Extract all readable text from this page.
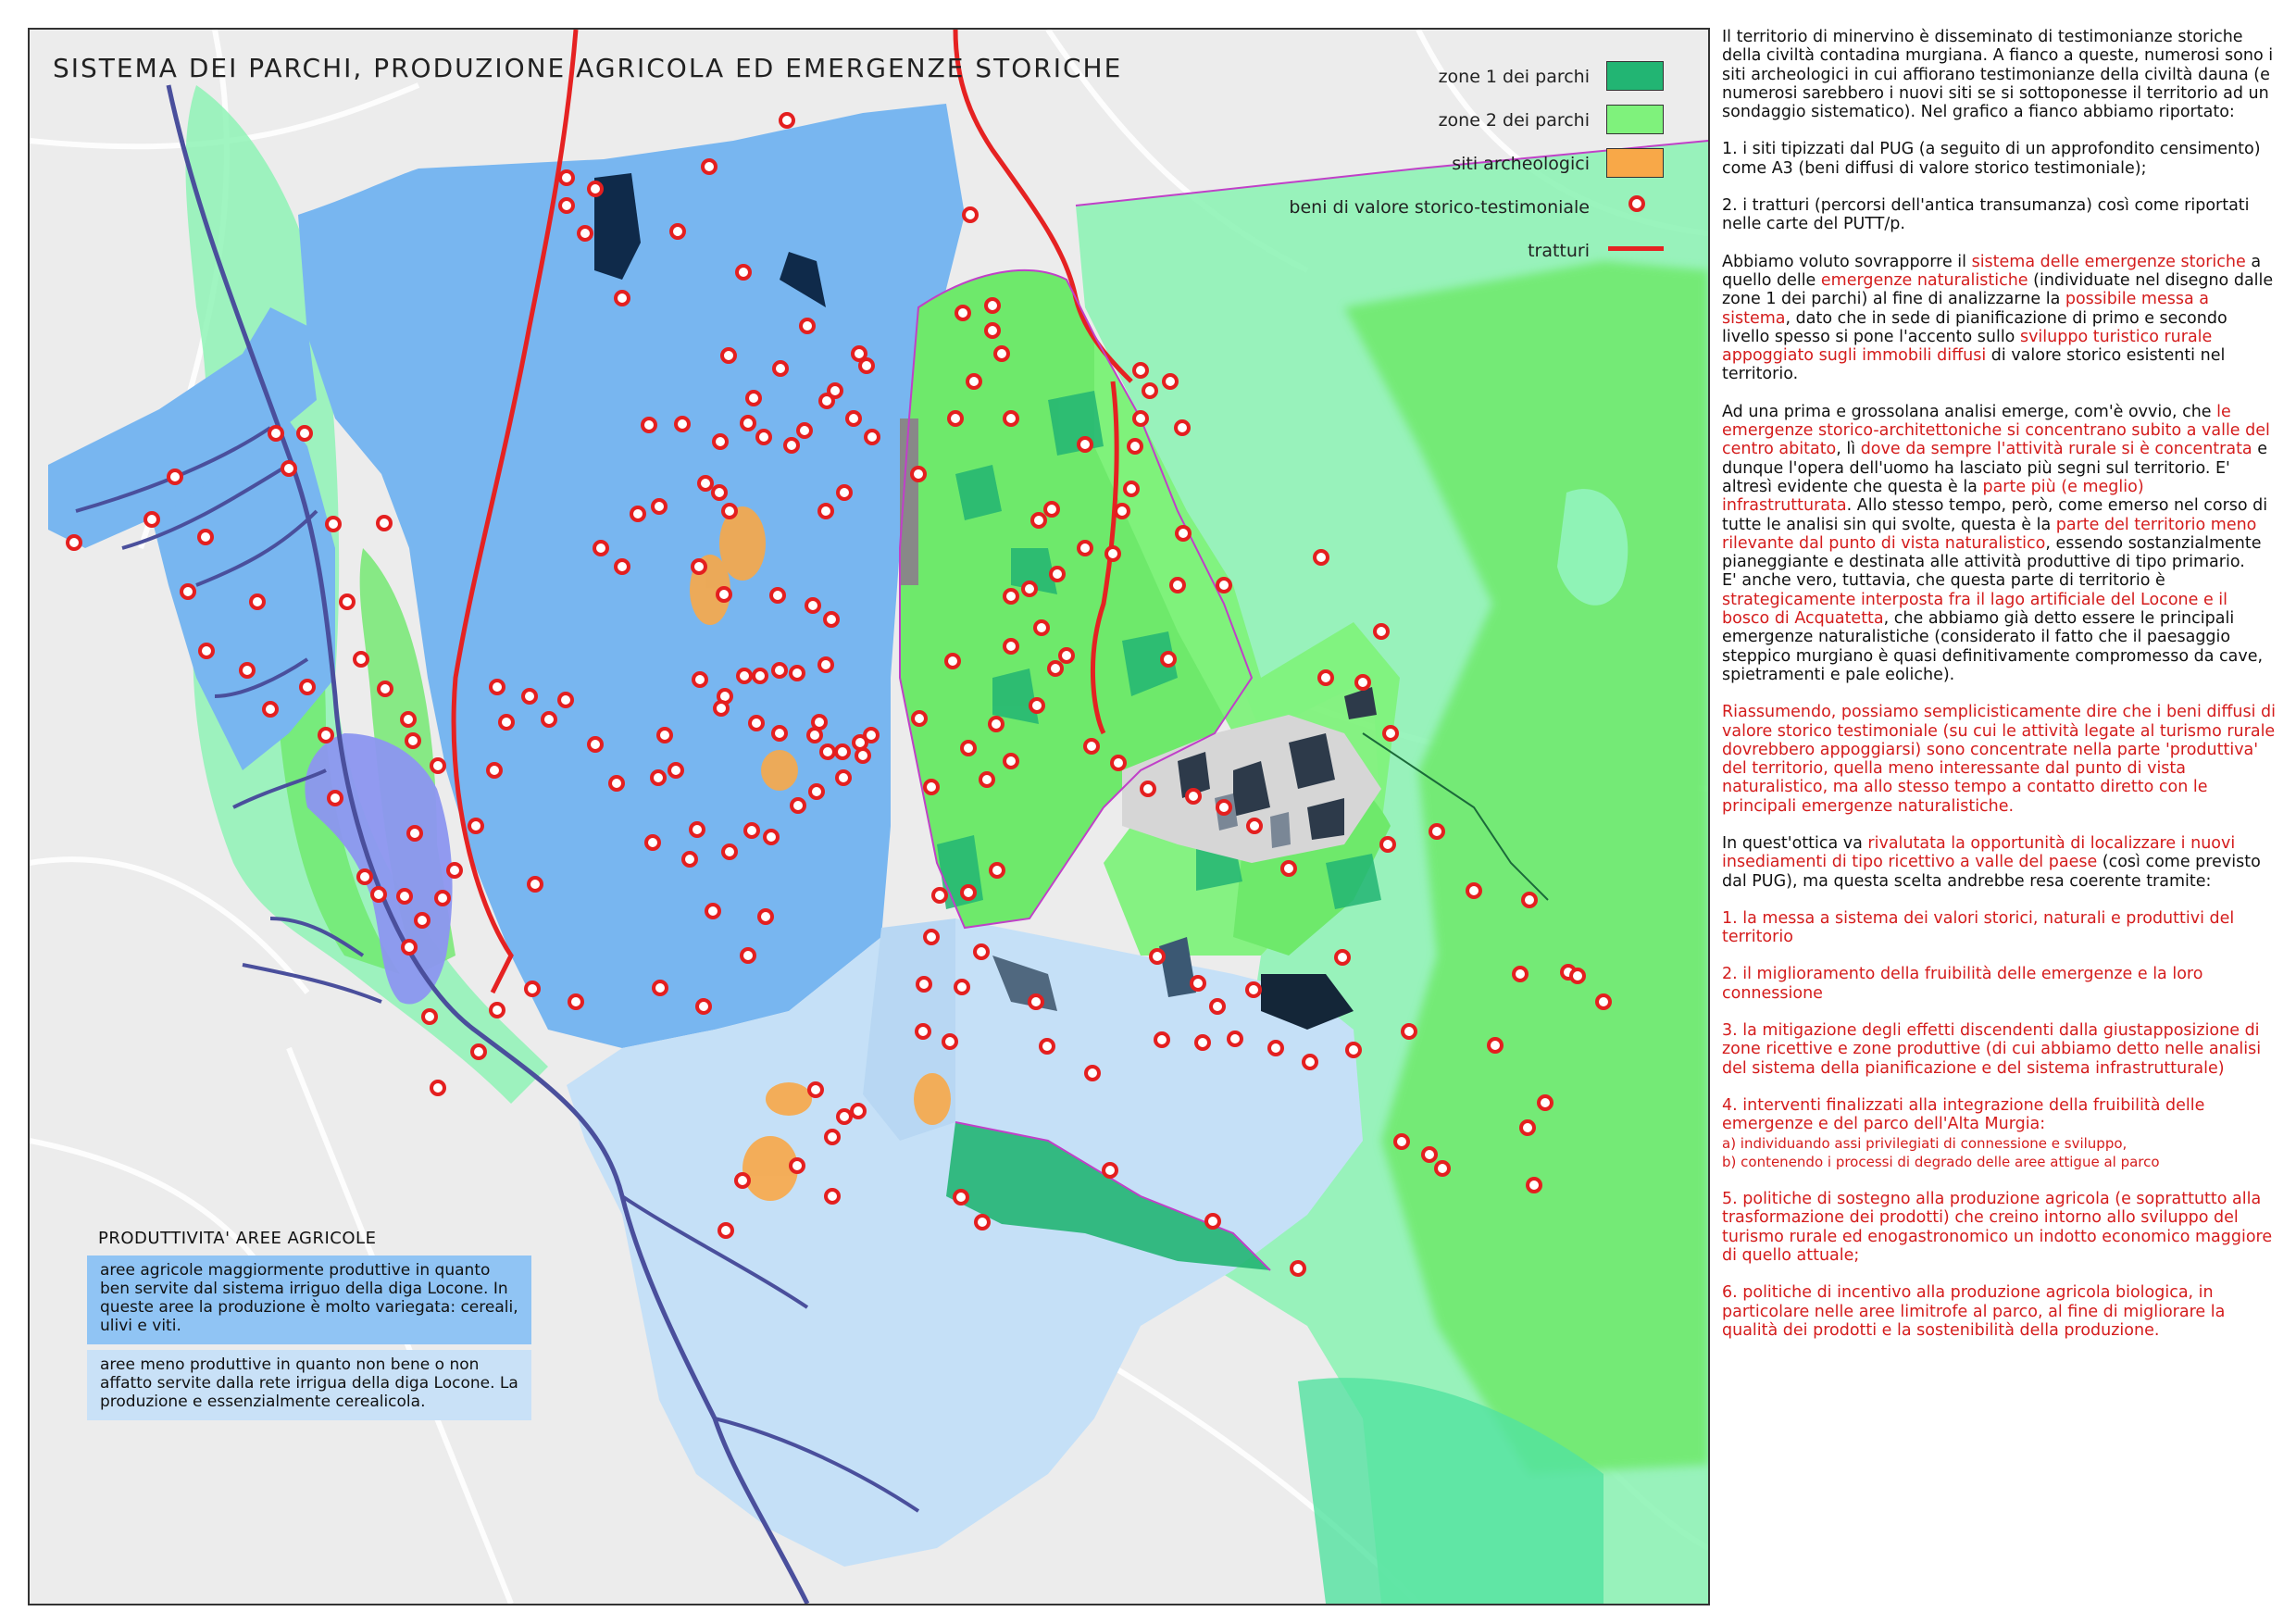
SISTEMA DEI PARCHI, PRODUZIONE AGRICOLA ED EMERGENZE STORICHE	zone 1 dei parchi
zone 2 dei parchi
siti archeologici
beni di valore storico-testimoniale
tratturi
PRODUTTIVITA' AREE AGRICOLE
aree agricole maggiormente produttive in quanto ben servite dal sistema irriguo della diga Locone. In queste aree la produzione è molto variegata: cereali, ulivi e viti.
aree meno produttive in quanto non bene o non affatto servite dalla rete irrigua della diga Locone. La produzione e essenzialmente cerealicola.

Il territorio di minervino è disseminato di testimonianze storiche della civiltà contadina murgiana. A fianco a queste, numerosi sono i siti archeologici in cui affiorano testimonianze della civiltà dauna (e numerosi sarebbero i nuovi siti se si sottoponesse il territorio ad un sondaggio sistematico). Nel grafico a fianco abbiamo riportato:

1. i siti tipizzati dal PUG (a seguito di un approfondito censimento) come A3 (beni diffusi di valore storico testimoniale);

2. i tratturi (percorsi dell'antica transumanza) così come riportati nelle carte del PUTT/p.

Abbiamo voluto sovrapporre il sistema delle emergenze storiche a quello delle emergenze naturalistiche (individuate nel disegno dalle zone 1 dei parchi) al fine di analizzarne la possibile messa a sistema, dato che in sede di pianificazione di primo e secondo livello spesso si pone l'accento sullo sviluppo turistico rurale appoggiato sugli immobili diffusi di valore storico esistenti nel territorio.

Ad una prima e grossolana analisi emerge, com'è ovvio, che le emergenze storico-architettoniche si concentrano subito a valle del centro abitato, lì dove da sempre l'attività rurale si è concentrata e dunque l'opera dell'uomo ha lasciato più segni sul territorio. E' altresì evidente che questa è la parte più (e meglio) infrastrutturata. Allo stesso tempo, però, come emerso nel corso di tutte le analisi sin qui svolte, questa è la parte del territorio meno rilevante dal punto di vista naturalistico, essendo sostanzialmente pianeggiante e destinata alle attività produttive di tipo primario.

E' anche vero, tuttavia, che questa parte di territorio è strategicamente interposta fra il lago artificiale del Locone e il bosco di Acquatetta, che abbiamo già detto essere le principali emergenze naturalistiche (considerato il fatto che il paesaggio steppico murgiano è quasi definitivamente compromesso da cave, spietramenti e pale eoliche).

Riassumendo, possiamo semplicisticamente dire che i beni diffusi di valore storico testimoniale (su cui le attività legate al turismo rurale dovrebbero appoggiarsi) sono concentrate nella parte 'produttiva' del territorio, quella meno interessante dal punto di vista naturalistico, ma allo stesso tempo a contatto diretto con le principali emergenze naturalistiche.

In quest'ottica va rivalutata la opportunità di localizzare i nuovi insediamenti di tipo ricettivo a valle del paese (così come previsto dal PUG), ma questa scelta andrebbe resa coerente tramite:

1. la messa a sistema dei valori storici, naturali e produttivi del territorio

2. il miglioramento della fruibilità delle emergenze e la loro connessione

3. la mitigazione degli effetti discendenti dalla giustapposizione di zone ricettive e zone produttive (di cui abbiamo detto nelle analisi del sistema della pianificazione e del sistema infrastrutturale)

4. interventi finalizzati alla integrazione della fruibilità delle emergenze e del parco dell'Alta Murgia:
a) individuando assi privilegiati di connessione e sviluppo,
b) contenendo i processi di degrado delle aree attigue al parco

5. politiche di sostegno alla produzione agricola (e soprattutto alla trasformazione dei prodotti) che creino intorno allo sviluppo del turismo rurale ed enogastronomico un indotto economico maggiore di quello attuale;

6. politiche di incentivo alla produzione agricola biologica, in particolare nelle aree limitrofe al parco, al fine di migliorare la qualità dei prodotti e la sostenibilità della produzione.
